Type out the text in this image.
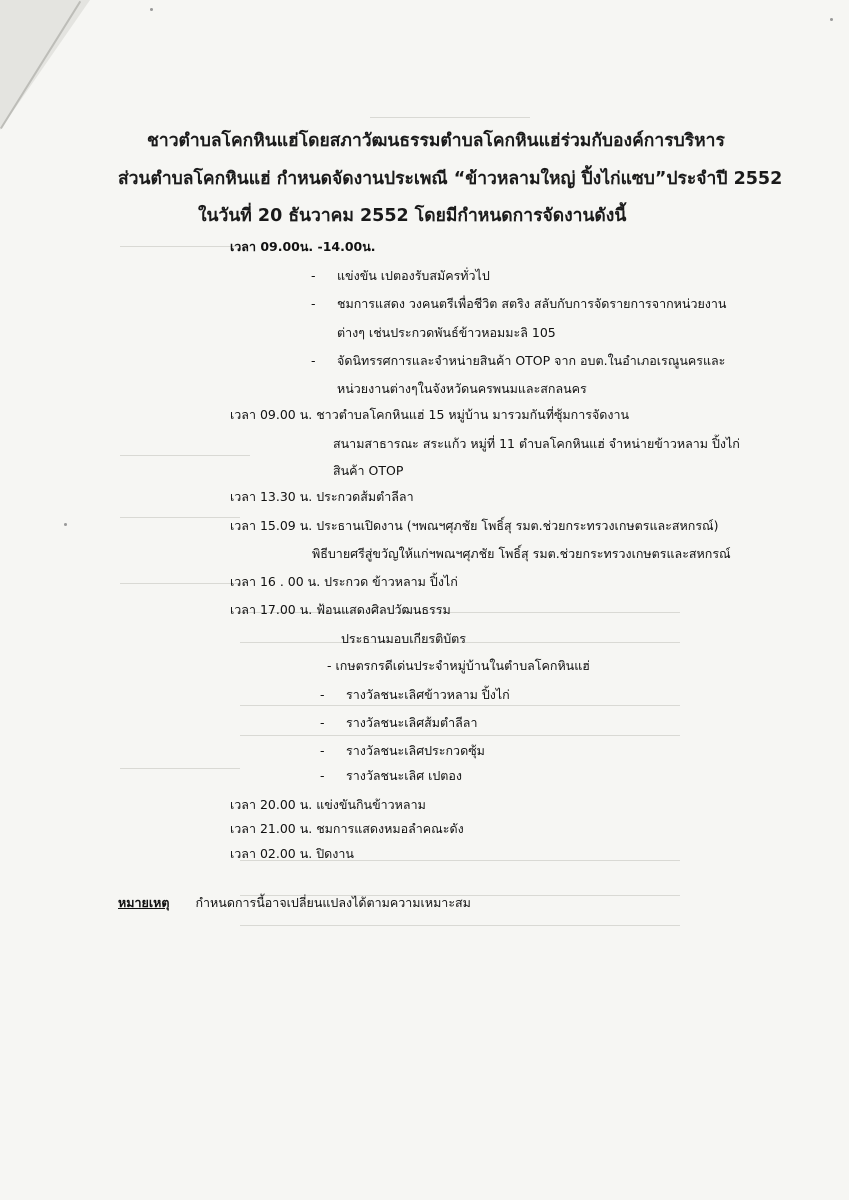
ชาวตำบลโคกหินแฮ่โดยสภาวัฒนธรรมตำบลโคกหินแฮ่ร่วมกับองค์การบริหาร
ส่วนตำบลโคกหินแฮ่ กำหนดจัดงานประเพณี “ข้าวหลามใหญ่ ปิ้งไก่แซบ”ประจำปี 2552
ในวันที่ 20 ธันวาคม 2552 โดยมีกำหนดการจัดงานดังนี้
เวลา 09.00น. -14.00น.
- แข่งขัน เปตองรับสมัครทั่วไป
- ชมการแสดง วงคนตรีเพื่อชีวิต สตริง สลับกับการจัดรายการจากหน่วยงาน
ต่างๆ เช่นประกวดพันธ์ข้าวหอมมะลิ 105
- จัดนิทรรศการและจำหน่ายสินค้า OTOP จาก อบต.ในอำเภอเรณูนครและ
หน่วยงานต่างๆในจังหวัดนครพนมและสกลนคร
เวลา 09.00 น. ชาวตำบลโคกหินแฮ่ 15 หมู่บ้าน มารวมกันที่ซุ้มการจัดงาน
สนามสาธารณะ สระแก้ว หมู่ที่ 11 ตำบลโคกหินแฮ่ จำหน่ายข้าวหลาม ปิ้งไก่
สินค้า OTOP
เวลา 13.30 น. ประกวดส้มตำลีลา
เวลา 15.09 น. ประธานเปิดงาน (ฯพณฯศุภชัย โพธิ์สุ รมต.ช่วยกระทรวงเกษตรและสหกรณ์)
พิธีบายศรีสู่ขวัญให้แก่ฯพณฯศุภชัย โพธิ์สุ รมต.ช่วยกระทรวงเกษตรและสหกรณ์
เวลา 16 . 00 น. ประกวด ข้าวหลาม ปิ้งไก่
เวลา 17.00 น. ฟ้อนแสดงศิลปวัฒนธรรม
ประธานมอบเกียรติบัตร
- เกษตรกรดีเด่นประจำหมู่บ้านในตำบลโคกหินแฮ่
- รางวัลชนะเลิศข้าวหลาม ปิ้งไก่
- รางวัลชนะเลิศส้มตำลีลา
- รางวัลชนะเลิศประกวดซุ้ม
- รางวัลชนะเลิศ เปตอง
เวลา 20.00 น. แข่งขันกินข้าวหลาม
เวลา 21.00 น. ชมการแสดงหมอลำคณะดัง
เวลา 02.00 น. ปิดงาน
หมายเหตุ กำหนดการนี้อาจเปลี่ยนแปลงได้ตามความเหมาะสม
